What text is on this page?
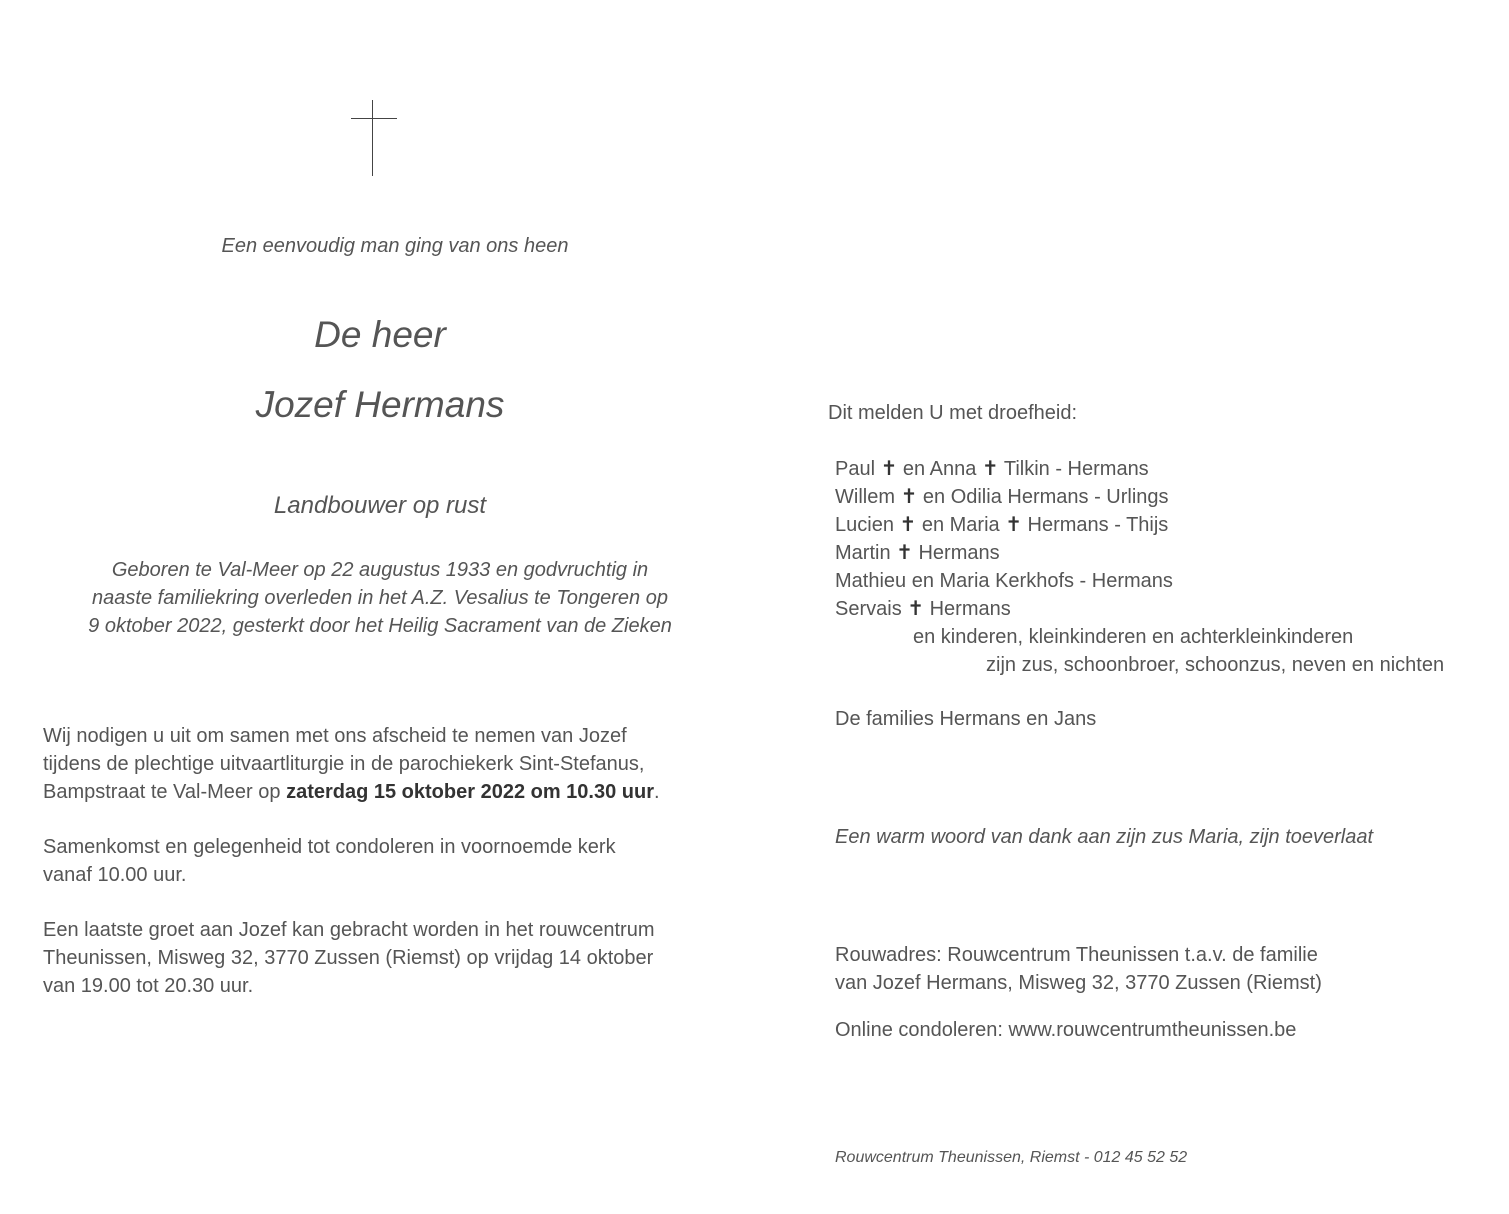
Een eenvoudig man ging van ons heen
De heer
Jozef Hermans
Landbouwer op rust
Geboren te Val-Meer op 22 augustus 1933 en godvruchtig in
naaste familiekring overleden in het A.Z. Vesalius te Tongeren op
9 oktober 2022, gesterkt door het Heilig Sacrament van de Zieken

Wij nodigen u uit om samen met ons afscheid te nemen van Jozef

tijdens de plechtige uitvaartliturgie in de parochiekerk Sint-Stefanus,

Bampstraat te Val-Meer op zaterdag 15 oktober 2022 om 10.30 uur.

Samenkomst en gelegenheid tot condoleren in voornoemde kerk

vanaf 10.00 uur.

Een laatste groet aan Jozef kan gebracht worden in het rouwcentrum

Theunissen, Misweg 32, 3770 Zussen (Riemst) op vrijdag 14 oktober

van 19.00 tot 20.30 uur.

Dit melden U met droefheid:
Paul ✝ en Anna ✝ Tilkin - Hermans
Willem ✝ en Odilia Hermans - Urlings
Lucien ✝ en Maria ✝ Hermans - Thijs
Martin ✝ Hermans
Mathieu en Maria Kerkhofs - Hermans
Servais ✝ Hermans
en kinderen, kleinkinderen en achterkleinkinderen
zijn zus, schoonbroer, schoonzus, neven en nichten
De families Hermans en Jans
Een warm woord van dank aan zijn zus Maria, zijn toeverlaat
Rouwadres: Rouwcentrum Theunissen t.a.v. de familie
van Jozef Hermans, Misweg 32, 3770 Zussen (Riemst)
Online condoleren: www.rouwcentrumtheunissen.be
Rouwcentrum Theunissen, Riemst - 012 45 52 52
